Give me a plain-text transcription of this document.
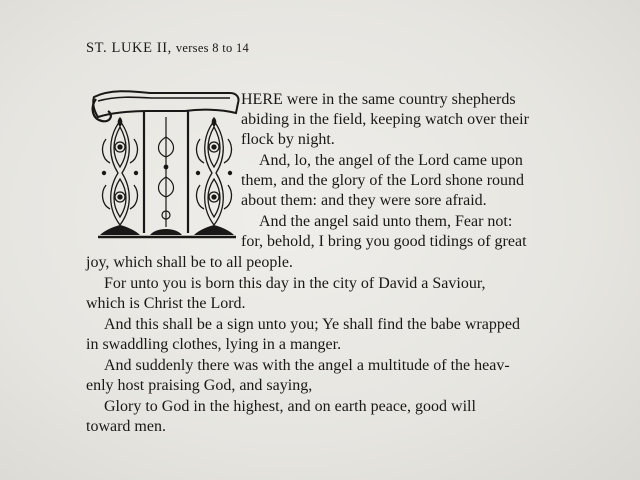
ST. LUKE II, verses 8 to 14
HERE were in the same country shepherds
abiding in the field, keeping watch over their
flock by night.
And, lo, the angel of the Lord came upon
them, and the glory of the Lord shone round
about them: and they were sore afraid.
And the angel said unto them, Fear not:
for, behold, I bring you good tidings of great
joy, which shall be to all people.
For unto you is born this day in the city of David a Saviour,
which is Christ the Lord.
And this shall be a sign unto you; Ye shall find the babe wrapped
in swaddling clothes, lying in a manger.
And suddenly there was with the angel a multitude of the heav-
enly host praising God, and saying,
Glory to God in the highest, and on earth peace, good will
toward men.
